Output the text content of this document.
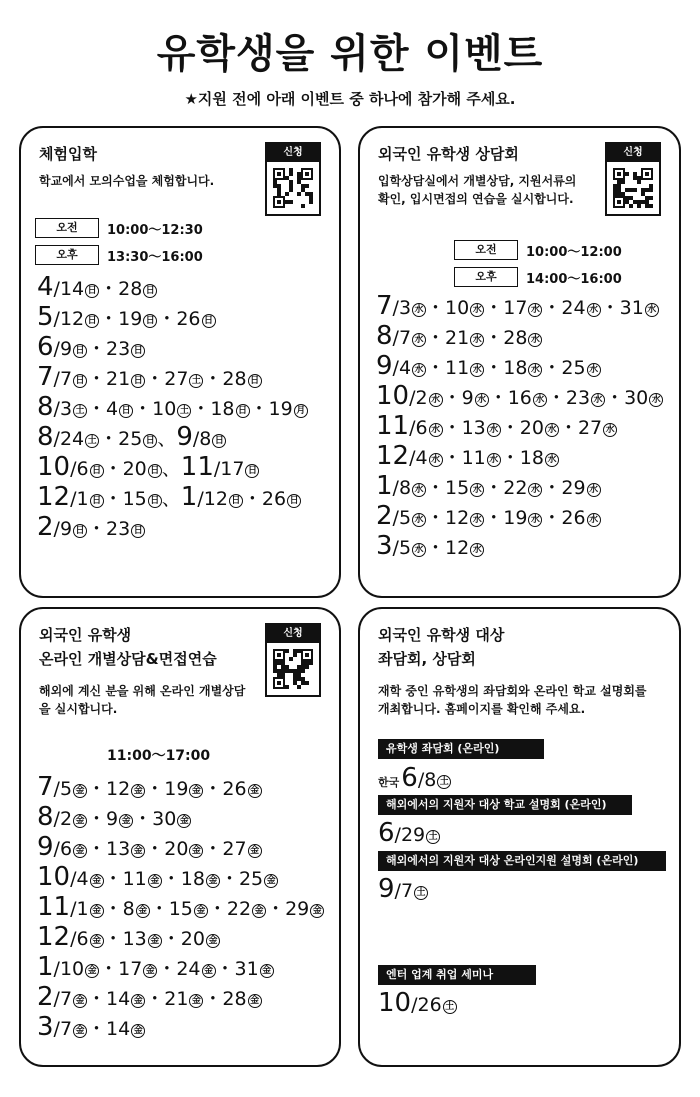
유학생을 위한 이벤트
★지원 전에 아래 이벤트 중 하나에 참가해 주세요.
체험입학
학교에서 모의수업을 체험합니다.
신청
오전	10:00〜12:30
오후	13:30〜16:00
4/14 日 ・28 日
5/12 日 ・19 日 ・26 日
6/9 日 ・23 日
7/7 日 ・21 日 ・27 土 ・28 日
8/3 土 ・4 日 ・10 土 ・18 日 ・19 月
8/24 土 ・25 日 、9/8 日
10/6 日 ・20 日 、11/17 日
12/1 日 ・15 日 、1/12 日 ・26 日
2/9 日 ・23 日
외국인 유학생 상담회
입학상담실에서 개별상담, 지원서류의
확인, 입시면접의 연습을 실시합니다.
신청
오전	10:00〜12:00
오후	14:00〜16:00
7/3 水 ・10 水 ・17 水 ・24 水 ・31 水
8/7 水 ・21 水 ・28 水
9/4 水 ・11 水 ・18 水 ・25 水
10/2 水 ・9 水 ・16 水 ・23 水 ・30 水
11/6 水 ・13 水 ・20 水 ・27 水
12/4 水 ・11 水 ・18 水
1/8 水 ・15 水 ・22 水 ・29 水
2/5 水 ・12 水 ・19 水 ・26 水
3/5 水 ・12 水
외국인 유학생
온라인 개별상담&면접연습
해외에 계신 분을 위해 온라인 개별상담
을 실시합니다.
신청
11:00〜17:00
7/5 金 ・12 金 ・19 金 ・26 金
8/2 金 ・9 金 ・30 金
9/6 金 ・13 金 ・20 金 ・27 金
10/4 金 ・11 金 ・18 金 ・25 金
11/1 金 ・8 金 ・15 金 ・22 金 ・29 金
12/6 金 ・13 金 ・20 金
1/10 金 ・17 金 ・24 金 ・31 金
2/7 金 ・14 金 ・21 金 ・28 金
3/7 金 ・14 金
외국인 유학생 대상
좌담회, 상담회
재학 중인 유학생의 좌담회와 온라인 학교 설명회를
개최합니다. 홈페이지를 확인해 주세요.
유학생 좌담회 (온라인)
한국6/8 土
해외에서의 지원자 대상 학교 설명회 (온라인)
6/29 土
해외에서의 지원자 대상 온라인지원 설명회 (온라인)
9/7 土
엔터 업계 취업 세미나
10/26 土
